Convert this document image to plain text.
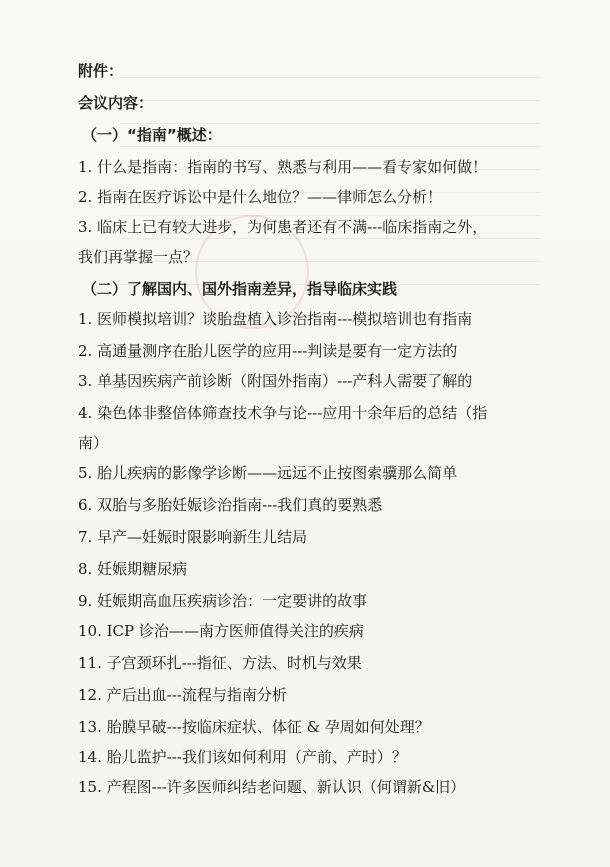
附件：
会议内容：
（一）“指南”概述：
1. 什么是指南：指南的书写、熟悉与利用——看专家如何做！
2. 指南在医疗诉讼中是什么地位？——律师怎么分析！
3. 临床上已有较大进步，为何患者还有不满---临床指南之外，
我们再掌握一点？
（二）了解国内、国外指南差异，指导临床实践
1. 医师模拟培训？谈胎盘植入诊治指南---模拟培训也有指南
2. 高通量测序在胎儿医学的应用---判读是要有一定方法的
3. 单基因疾病产前诊断（附国外指南）---产科人需要了解的
4. 染色体非整倍体筛查技术争与论---应用十余年后的总结（指
南）
5. 胎儿疾病的影像学诊断——远远不止按图索骥那么简单
6. 双胎与多胎妊娠诊治指南---我们真的要熟悉
7. 早产—妊娠时限影响新生儿结局
8. 妊娠期糖尿病
9. 妊娠期高血压疾病诊治：一定要讲的故事
10. ICP 诊治——南方医师值得关注的疾病
11. 子宫颈环扎---指征、方法、时机与效果
12. 产后出血---流程与指南分析
13. 胎膜早破---按临床症状、体征 & 孕周如何处理？
14. 胎儿监护---我们该如何利用（产前、产时）？
15. 产程图---许多医师纠结老问题、新认识（何谓新&旧）
